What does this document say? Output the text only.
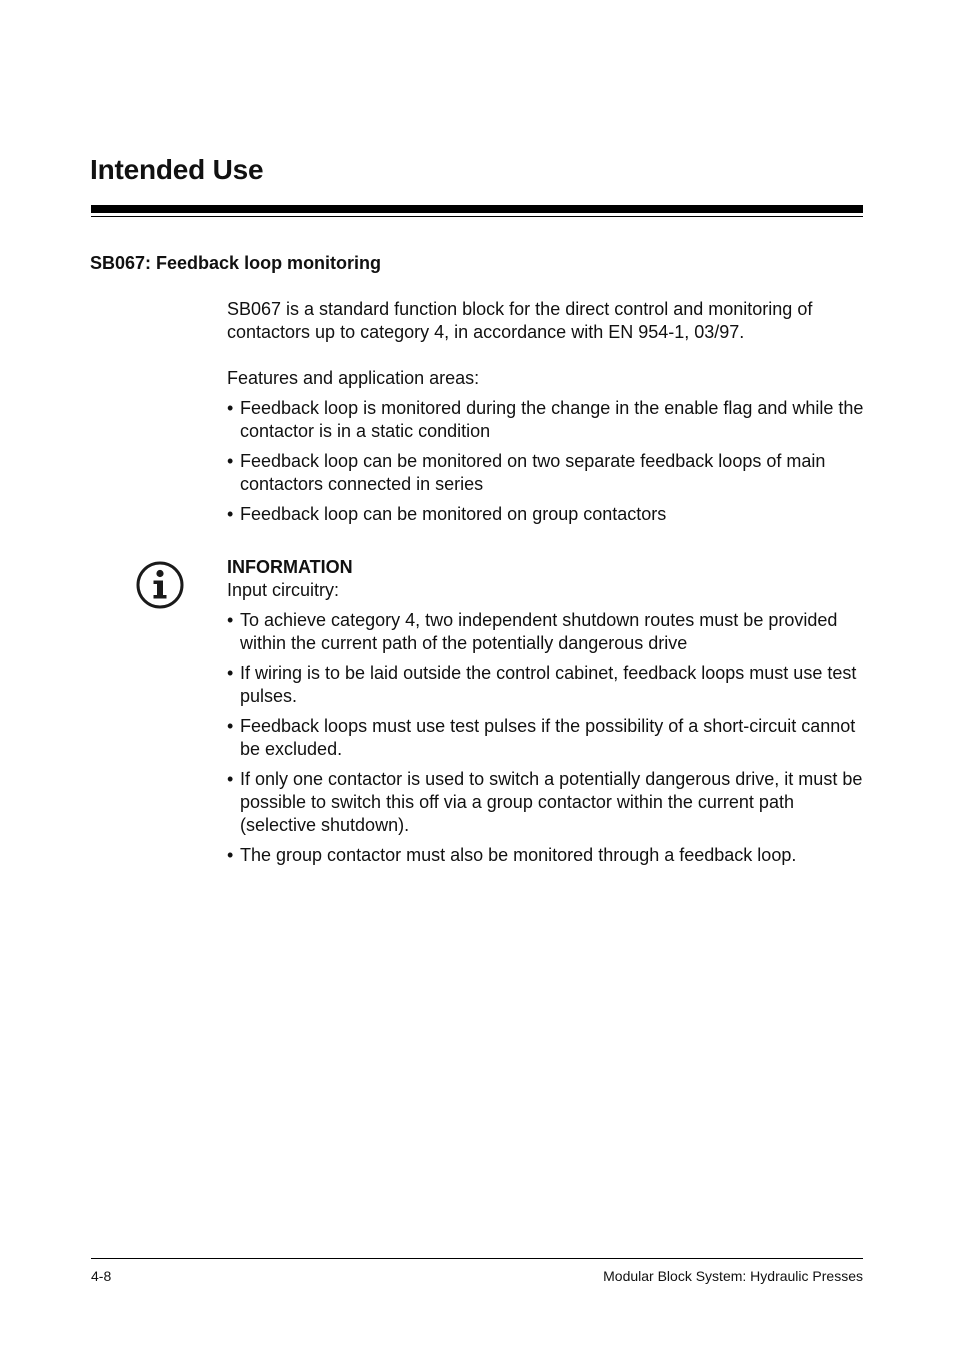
Intended Use
SB067: Feedback loop monitoring

SB067 is a standard function block for the direct control and monitoring of contactors up to category 4, in accordance with EN 954-1, 03/97.

Features and application areas:

• Feedback loop is monitored during the change in the enable flag and while the contactor is in a static condition
• Feedback loop can be monitored on two separate feedback loops of main contactors connected in series
• Feedback loop can be monitored on group contactors

INFORMATION

Input circuitry:

• To achieve category 4, two independent shutdown routes must be provided within the current path of the potentially dangerous drive
• If wiring is to be laid outside the control cabinet, feedback loops must use test pulses.
• Feedback loops must use test pulses if the possibility of a short-circuit cannot be excluded.
• If only one contactor is used to switch a potentially dangerous drive, it must be possible to switch this off via a group contactor within the current path (selective shutdown).
• The group contactor must also be monitored through a feedback loop.
4-8	Modular Block System: Hydraulic Presses
